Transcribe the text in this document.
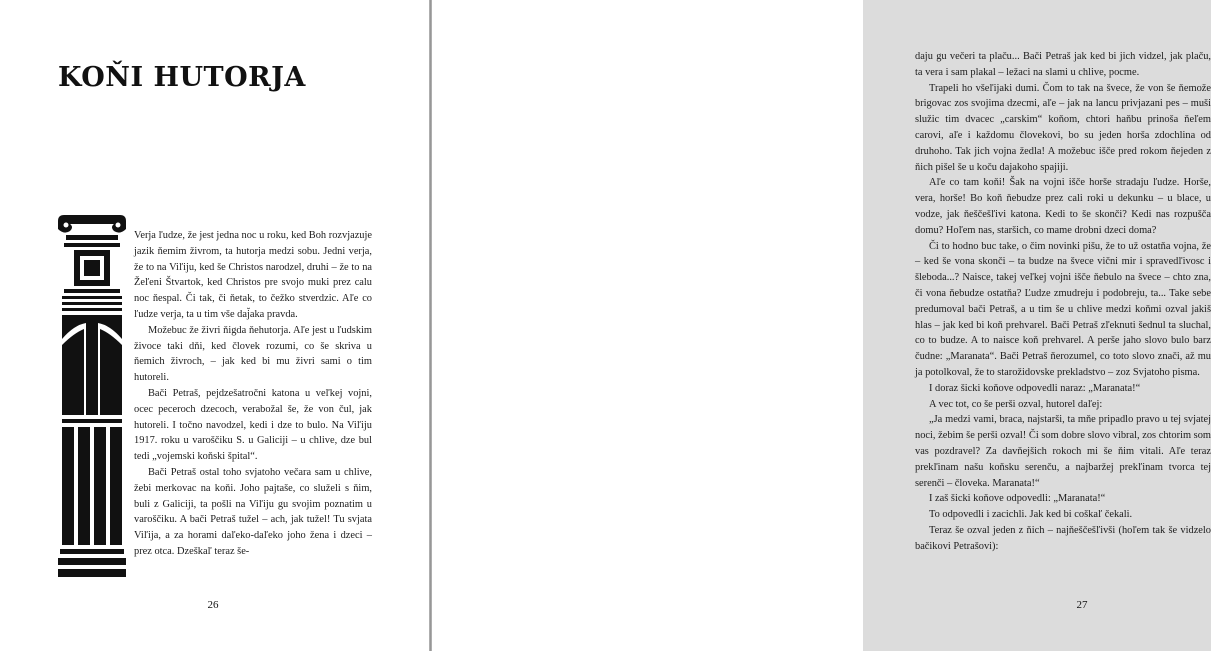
KOŇI HUTORJA

Verja ľudze, že jest jedna noc u roku, ked Boh rozvjazuje jazik ňemim živrom, ta hutorja medzi sobu. Jedni verja, že to na Viľiju, ked še Christos narodzel, druhi – že to na Žeľeni Štvartok, ked Christos pre svojo muki prez calu noc ňespal. Či tak, či ňetak, to čežko stverdzic. Aľe co ľudze verja, ta u tim vše daj̆aka pravda.

Možebuc že živri ňigda ňehutorja. Aľe jest u ľudskim živoce taki dňi, ked človek rozumi, co še skriva u ňemich živroch, – jak ked bi mu živri sami o tim hutoreli.

Bači Petraš, pejdzešatročni katona u veľkej vojni, ocec peceroch dzecoch, verabožal še, že von čul, jak hutoreli. I točno navodzel, kedi i dze to bulo. Na Viľiju 1917. roku u varoščiku S. u Galiciji – u chlive, dze bul tedi „vojemski koňski špital“.

Bači Petraš ostal toho svjatoho večara sam u chlive, žebi merkovac na koňi. Joho pajtaše, co služeli s ňim, buli z Galiciji, ta pošli na Viľiju gu svojim poznatim u varoščiku. A bači Petraš tužel – ach, jak tužel! Tu svjata Viľija, a za horami daľeko-daľeko joho žena i dzeci – prez otca. Dzeškaľ teraz še-

26

daju gu večeri ta plaču... Bači Petraš jak ked bi jich vidzel, jak plaču, ta vera i sam plakal – ležaci na slami u chlive, pocme.

Trapeli ho všeľijaki dumi. Čom to tak na švece, že von še ňemože brigovac zos svojima dzecmi, aľe – jak na lancu privjazani pes – muši služic tim dvacec „carskim“ koňom, chtori haňbu prinoša ňeľem carovi, aľe i každomu človekovi, bo su jeden horša zdochlina od druhoho. Tak jich vojna žedla! A možebuc išče pred rokom ňejeden z ňich pišel še u koču dajakoho spajiji.

Aľe co tam koňi! Šak na vojni išče horše stradaju ľudze. Horše, vera, horše! Bo koň ňebudze prez cali roki u dekunku – u blace, u vodze, jak ňeščešľivi katona. Kedi to še skonči? Kedi nas rozpušča domu? Hoľem nas, staršich, co mame drobni dzeci doma?

Či to hodno buc take, o čim novinki pišu, že to už ostatňa vojna, že – ked še vona skonči – ta budze na švece vični mir i spravedľivosc i šleboda...? Naisce, takej veľkej vojni išče ňebulo na švece – chto zna, či vona ňebudze ostatňa? Ľudze zmudreju i podobreju, ta... Take sebe predumoval bači Petraš, a u tim še u chlive medzi koňmi ozval jakiš hlas – jak ked bi koň prehvarel. Bači Petraš zľeknuti šednul ta sluchal, co to budze. A to naisce koň prehvarel. A perše jaho slovo bulo barz čudne: „Maranata“. Bači Petraš ňerozumel, co toto slovo znači, až mu ja potolkoval, že to starožidovske prekladstvo – zoz Svjatoho pisma.

I doraz šicki koňove odpovedli naraz: „Maranata!“

A vec tot, co še perši ozval, hutorel daľej:

„Ja medzi vami, braca, najstarši, ta mňe pripadlo pravo u tej svjatej noci, žebim še perši ozval! Či som dobre slovo vibral, zos chtorim som vas pozdravel? Za davňejšich rokoch mi še ňim vitali. Aľe teraz prekľinam našu koňsku serenču, a najbaržej prekľinam tvorca tej serenči – človeka. Maranata!“

I zaš šicki koňove odpovedli: „Maranata!“

To odpovedli i zacichli. Jak ked bi coškaľ čekali.

Teraz še ozval jeden z ňich – najňeščešľivši (hoľem tak še vidzelo bačikovi Petrašovi):

27
